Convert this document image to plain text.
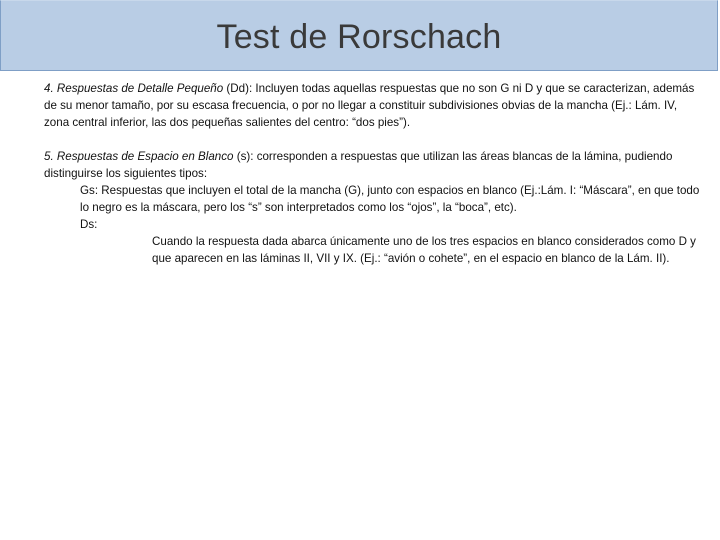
Test de Rorschach

4. Respuestas de Detalle Pequeño (Dd): Incluyen todas aquellas respuestas que no son G ni D y que se caracterizan, además de su menor tamaño, por su escasa frecuencia, o por no llegar a constituir subdivisiones obvias de la mancha (Ej.: Lám. IV, zona central inferior, las dos pequeñas salientes del centro: “dos pies”).

5. Respuestas de Espacio en Blanco (s): corresponden a respuestas que utilizan las áreas blancas de la lámina, pudiendo distinguirse los siguientes tipos:

Gs: Respuestas que incluyen el total de la mancha (G), junto con espacios en blanco (Ej.:Lám. I: “Máscara”, en que todo lo negro es la máscara, pero los “s” son interpretados como los “ojos”, la “boca”, etc).
Ds:
Cuando la respuesta dada abarca únicamente uno de los tres espacios en blanco considerados como D y que aparecen en las láminas II, VII y IX. (Ej.: “avión o cohete”, en el espacio en blanco de la Lám. II).
